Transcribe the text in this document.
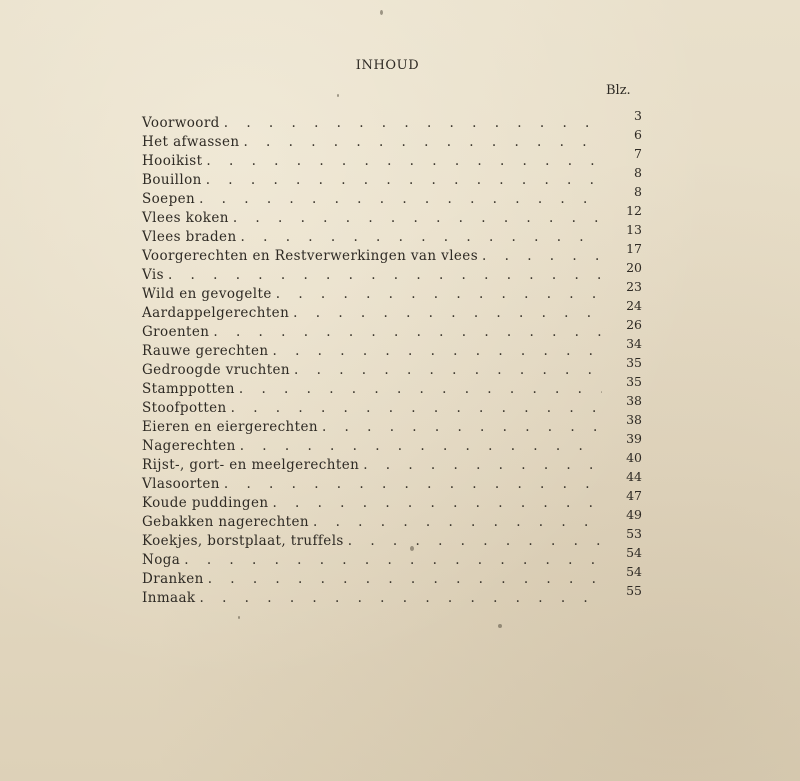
INHOUD
Blz.
Voorwoord . . .	3
Het afwassen . . .	6
Hooikist . . .	7
Bouillon . . .	8
Soepen . . .	8
Vlees koken . . .	12
Vlees braden . . .	13
Voorgerechten en Restverwerkingen van vlees . . .	17
Vis . . .	20
Wild en gevogelte . . .	23
Aardappelgerechten . . .	24
Groenten . . .	26
Rauwe gerechten . . .	34
Gedroogde vruchten . . .	35
Stamppotten . . .	35
Stoofpotten . . .	38
Eieren en eiergerechten . . .	38
Nagerechten . . .	39
Rijst-, gort- en meelgerechten . . .	40
Vlasoorten . . .	44
Koude puddingen . . .	47
Gebakken nagerechten . . .	49
Koekjes, borstplaat, truffels . . .	53
Noga . . .	54
Dranken . . .	54
Inmaak . . .	55
